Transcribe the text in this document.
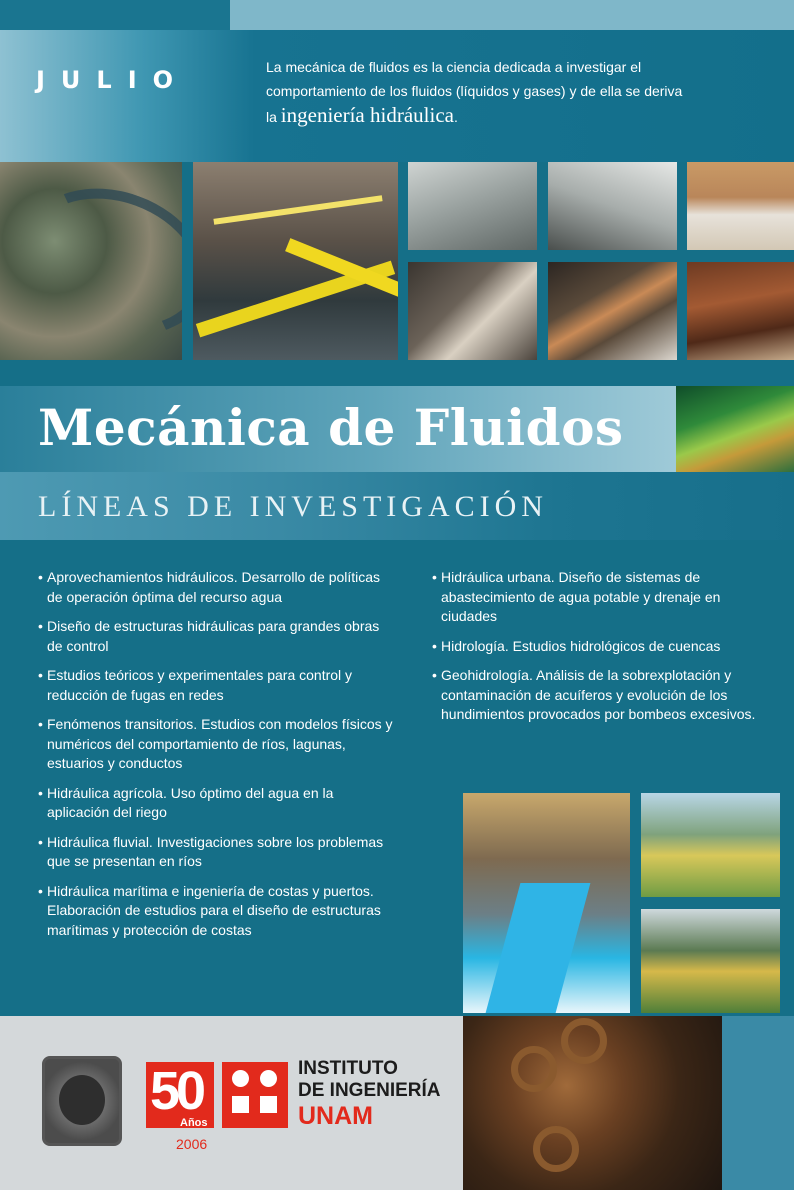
JULIO	La mecánica de fluidos es la ciencia dedicada a investigar el comportamiento de los fluidos (líquidos y gases) y de ella se deriva la ingeniería hidráulica.
Mecánica de Fluidos
LÍNEAS DE INVESTIGACIÓN
• Aprovechamientos hidráulicos. Desarrollo de políticas de operación óptima del recurso agua
• Diseño de estructuras hidráulicas para grandes obras de control
• Estudios teóricos y experimentales para control y reducción de fugas en redes
• Fenómenos transitorios. Estudios con modelos físicos y numéricos del comportamiento de ríos, lagunas, estuarios y conductos
• Hidráulica agrícola. Uso óptimo del agua en la aplicación del riego
• Hidráulica fluvial. Investigaciones sobre los problemas que se presentan en ríos
• Hidráulica marítima e ingeniería de costas y puertos. Elaboración de estudios para el diseño de estructuras marítimas y protección de costas
• Hidráulica urbana. Diseño de sistemas de abastecimiento de agua potable y drenaje en ciudades
• Hidrología. Estudios hidrológicos de cuencas
• Geohidrología. Análisis de la sobrexplotación y contaminación de acuíferos y evolución de los hundimientos provocados por bombeos excesivos.
50
Años
2006
INSTITUTO
DE INGENIERÍA
UNAM
